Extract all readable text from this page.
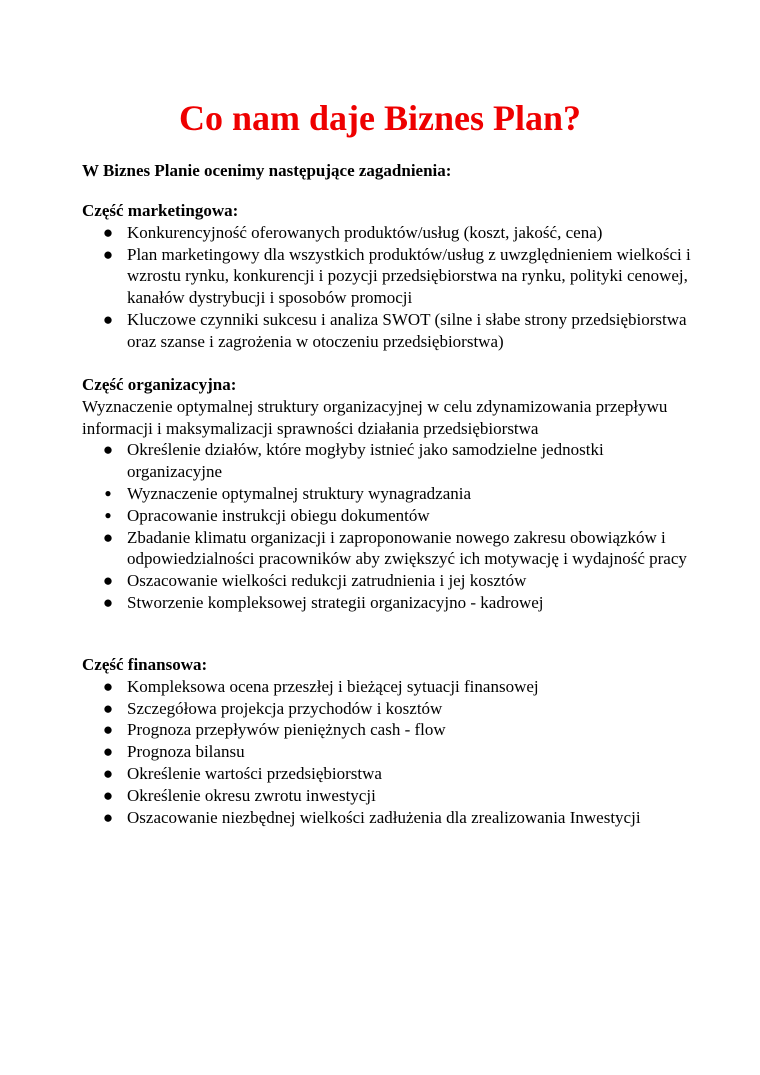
Co nam daje Biznes Plan?
W Biznes Planie ocenimy następujące zagadnienia:
Część marketingowa:
● Konkurencyjność oferowanych produktów/usług (koszt, jakość, cena)
● Plan marketingowy dla wszystkich produktów/usług z uwzględnieniem wielkości i wzrostu rynku, konkurencji i pozycji przedsiębiorstwa na rynku, polityki cenowej, kanałów dystrybucji i sposobów promocji
● Kluczowe czynniki sukcesu i analiza SWOT (silne i słabe strony przedsiębiorstwa oraz szanse i zagrożenia w otoczeniu przedsiębiorstwa)
Część organizacyjna:

Wyznaczenie optymalnej struktury organizacyjnej w celu zdynamizowania przepływu informacji i maksymalizacji sprawności działania przedsiębiorstwa

● Określenie działów, które mogłyby istnieć jako samodzielne jednostki organizacyjne
● Wyznaczenie optymalnej struktury wynagradzania
● Opracowanie instrukcji obiegu dokumentów
● Zbadanie klimatu organizacji i zaproponowanie nowego zakresu obowiązków i odpowiedzialności pracowników aby zwiększyć ich motywację i wydajność pracy
● Oszacowanie wielkości redukcji zatrudnienia i jej kosztów
● Stworzenie kompleksowej strategii organizacyjno - kadrowej
Część finansowa:
● Kompleksowa ocena przeszłej i bieżącej sytuacji finansowej
● Szczegółowa projekcja przychodów i kosztów
● Prognoza przepływów pieniężnych cash - flow
● Prognoza bilansu
● Określenie wartości przedsiębiorstwa
● Określenie okresu zwrotu inwestycji
● Oszacowanie niezbędnej wielkości zadłużenia dla zrealizowania Inwestycji
